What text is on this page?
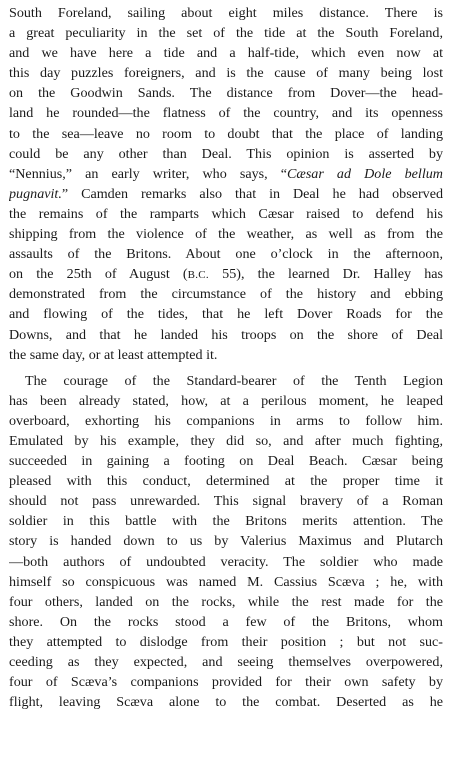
South Foreland, sailing about eight miles distance. There is
a great peculiarity in the set of the tide at the South Foreland,
and we have here a tide and a half-tide, which even now at
this day puzzles foreigners, and is the cause of many being lost
on the Goodwin Sands. The distance from Dover—the head-
land he rounded—the flatness of the country, and its openness
to the sea—leave no room to doubt that the place of landing
could be any other than Deal. This opinion is asserted by
“Nennius,” an early writer, who says, “Cæsar ad Dole bellum
pugnavit.” Camden remarks also that in Deal he had observed
the remains of the ramparts which Cæsar raised to defend his
shipping from the violence of the weather, as well as from the
assaults of the Britons. About one o’clock in the afternoon,
on the 25th of August (B.C. 55), the learned Dr. Halley has
demonstrated from the circumstance of the history and ebbing
and flowing of the tides, that he left Dover Roads for the
Downs, and that he landed his troops on the shore of Deal
the same day, or at least attempted it.
The courage of the Standard-bearer of the Tenth Legion
has been already stated, how, at a perilous moment, he leaped
overboard, exhorting his companions in arms to follow him.
Emulated by his example, they did so, and after much fighting,
succeeded in gaining a footing on Deal Beach. Cæsar being
pleased with this conduct, determined at the proper time it
should not pass unrewarded. This signal bravery of a Roman
soldier in this battle with the Britons merits attention. The
story is handed down to us by Valerius Maximus and Plutarch
—both authors of undoubted veracity. The soldier who made
himself so conspicuous was named M. Cassius Scæva ; he, with
four others, landed on the rocks, while the rest made for the
shore. On the rocks stood a few of the Britons, whom
they attempted to dislodge from their position ; but not suc-
ceeding as they expected, and seeing themselves overpowered,
four of Scæva’s companions provided for their own safety by
flight, leaving Scæva alone to the combat. Deserted as he
